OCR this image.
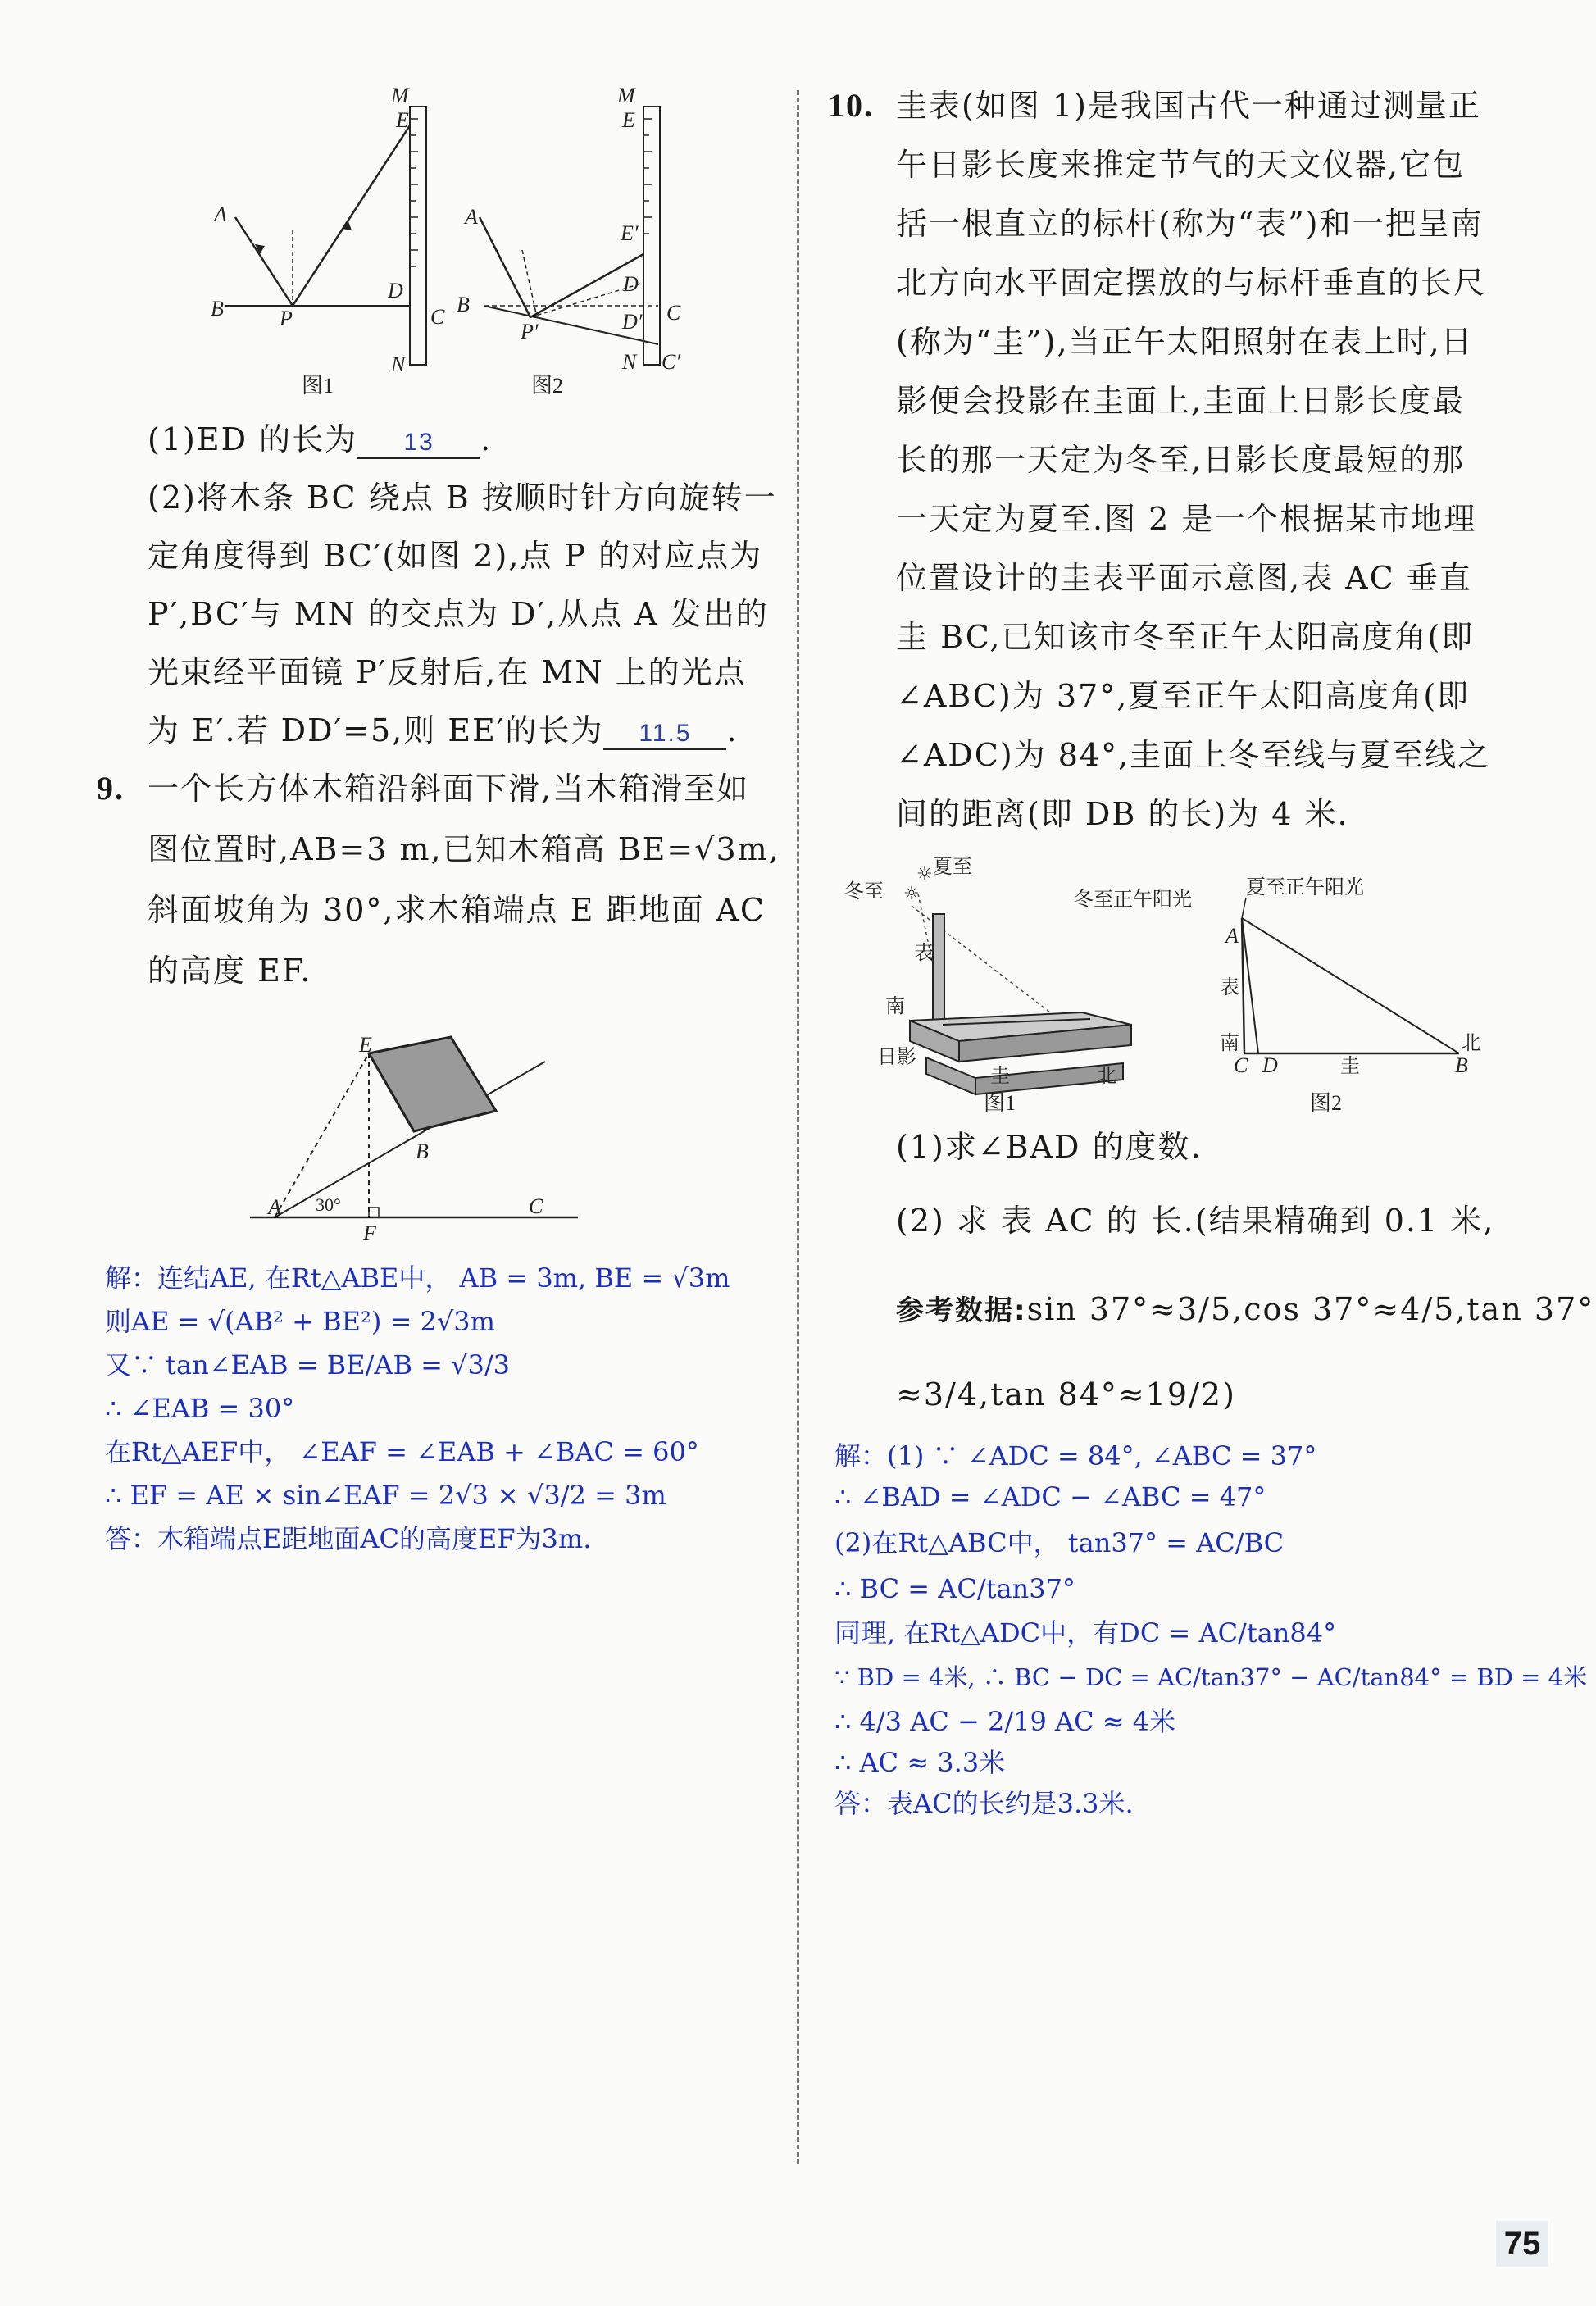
A
B	P
D
C
M
E
N
图1
A
B
P′
E′
D
D′ C
C′
M
E
N
图2
(1)ED 的长为 13 .
(2)将木条 BC 绕点 B 按顺时针方向旋转一
定角度得到 BC′(如图 2),点 P 的对应点为
P′,BC′与 MN 的交点为 D′,从点 A 发出的
光束经平面镜 P′反射后,在 MN 上的光点
为 E′.若 DD′=5,则 EE′的长为 11.5 .
9. 一个长方体木箱沿斜面下滑,当木箱滑至如
图位置时,AB=3 m,已知木箱高 BE=√3m,
斜面坡角为 30°,求木箱端点 E 距地面 AC
的高度 EF.
E
B
A
F
C
30°
解：连结AE, 在Rt△ABE中， AB = 3m, BE = √3m
则AE = √(AB² + BE²) = 2√3m
又∵ tan∠EAB = BE/AB = √3/3
∴ ∠EAB = 30°
在Rt△AEF中， ∠EAF = ∠EAB + ∠BAC = 60°
∴ EF = AE × sin∠EAF = 2√3 × √3/2 = 3m
答：木箱端点E距地面AC的高度EF为3m.
10. 圭表(如图 1)是我国古代一种通过测量正
午日影长度来推定节气的天文仪器,它包
括一根直立的标杆(称为“表”)和一把呈南
北方向水平固定摆放的与标杆垂直的长尺
(称为“圭”),当正午太阳照射在表上时,日
影便会投影在圭面上,圭面上日影长度最
长的那一天定为冬至,日影长度最短的那
一天定为夏至.图 2 是一个根据某市地理
位置设计的圭表平面示意图,表 AC 垂直
圭 BC,已知该市冬至正午太阳高度角(即
∠ABC)为 37°,夏至正午太阳高度角(即
∠ADC)为 84°,圭面上冬至线与夏至线之
间的距离(即 DB 的长)为 4 米.
夏至
冬至
☼
☼
表
南
日影
圭	北
图1
冬至正午阳光
夏至正午阳光
A
表
南
C D	圭	B
北
图2
(1)求∠BAD 的度数.
(2) 求 表 AC 的 长.(结果精确到 0.1 米,
参考数据:sin 37°≈3/5,cos 37°≈4/5,tan 37°
≈3/4,tan 84°≈19/2)
解：(1) ∵ ∠ADC = 84°, ∠ABC = 37°
∴ ∠BAD = ∠ADC − ∠ABC = 47°
(2)在Rt△ABC中， tan37° = AC/BC
∴ BC = AC/tan37°
同理, 在Rt△ADC中，有DC = AC/tan84°
∵ BD = 4米, ∴ BC − DC = AC/tan37° − AC/tan84° = BD = 4米
∴ 4/3 AC − 2/19 AC ≈ 4米
∴ AC ≈ 3.3米
答：表AC的长约是3.3米.
75
